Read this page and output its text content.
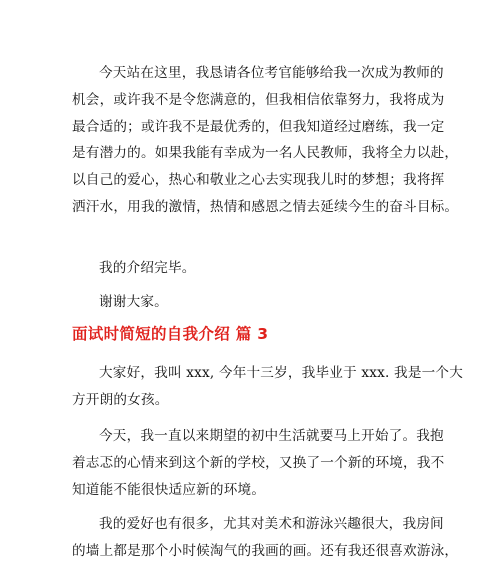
今天站在这里，我恳请各位考官能够给我一次成为教师的
机会，或许我不是令您满意的，但我相信依靠努力，我将成为
最合适的；或许我不是最优秀的，但我知道经过磨练，我一定
是有潜力的。如果我能有幸成为一名人民教师，我将全力以赴，
以自己的爱心，热心和敬业之心去实现我儿时的梦想；我将挥
洒汗水，用我的激情，热情和感恩之情去延续今生的奋斗目标。

我的介绍完毕。

谢谢大家。

面试时简短的自我介绍 篇 3

大家好，我叫 xxx, 今年十三岁，我毕业于 xxx. 我是一个大
方开朗的女孩。

今天，我一直以来期望的初中生活就要马上开始了。我抱
着志忑的心情来到这个新的学校，又换了一个新的环境，我不
知道能不能很快适应新的环境。

我的爱好也有很多，尤其对美术和游泳兴趣很大，我房间
的墙上都是那个小时候淘气的我画的画。还有我还很喜欢游泳，
